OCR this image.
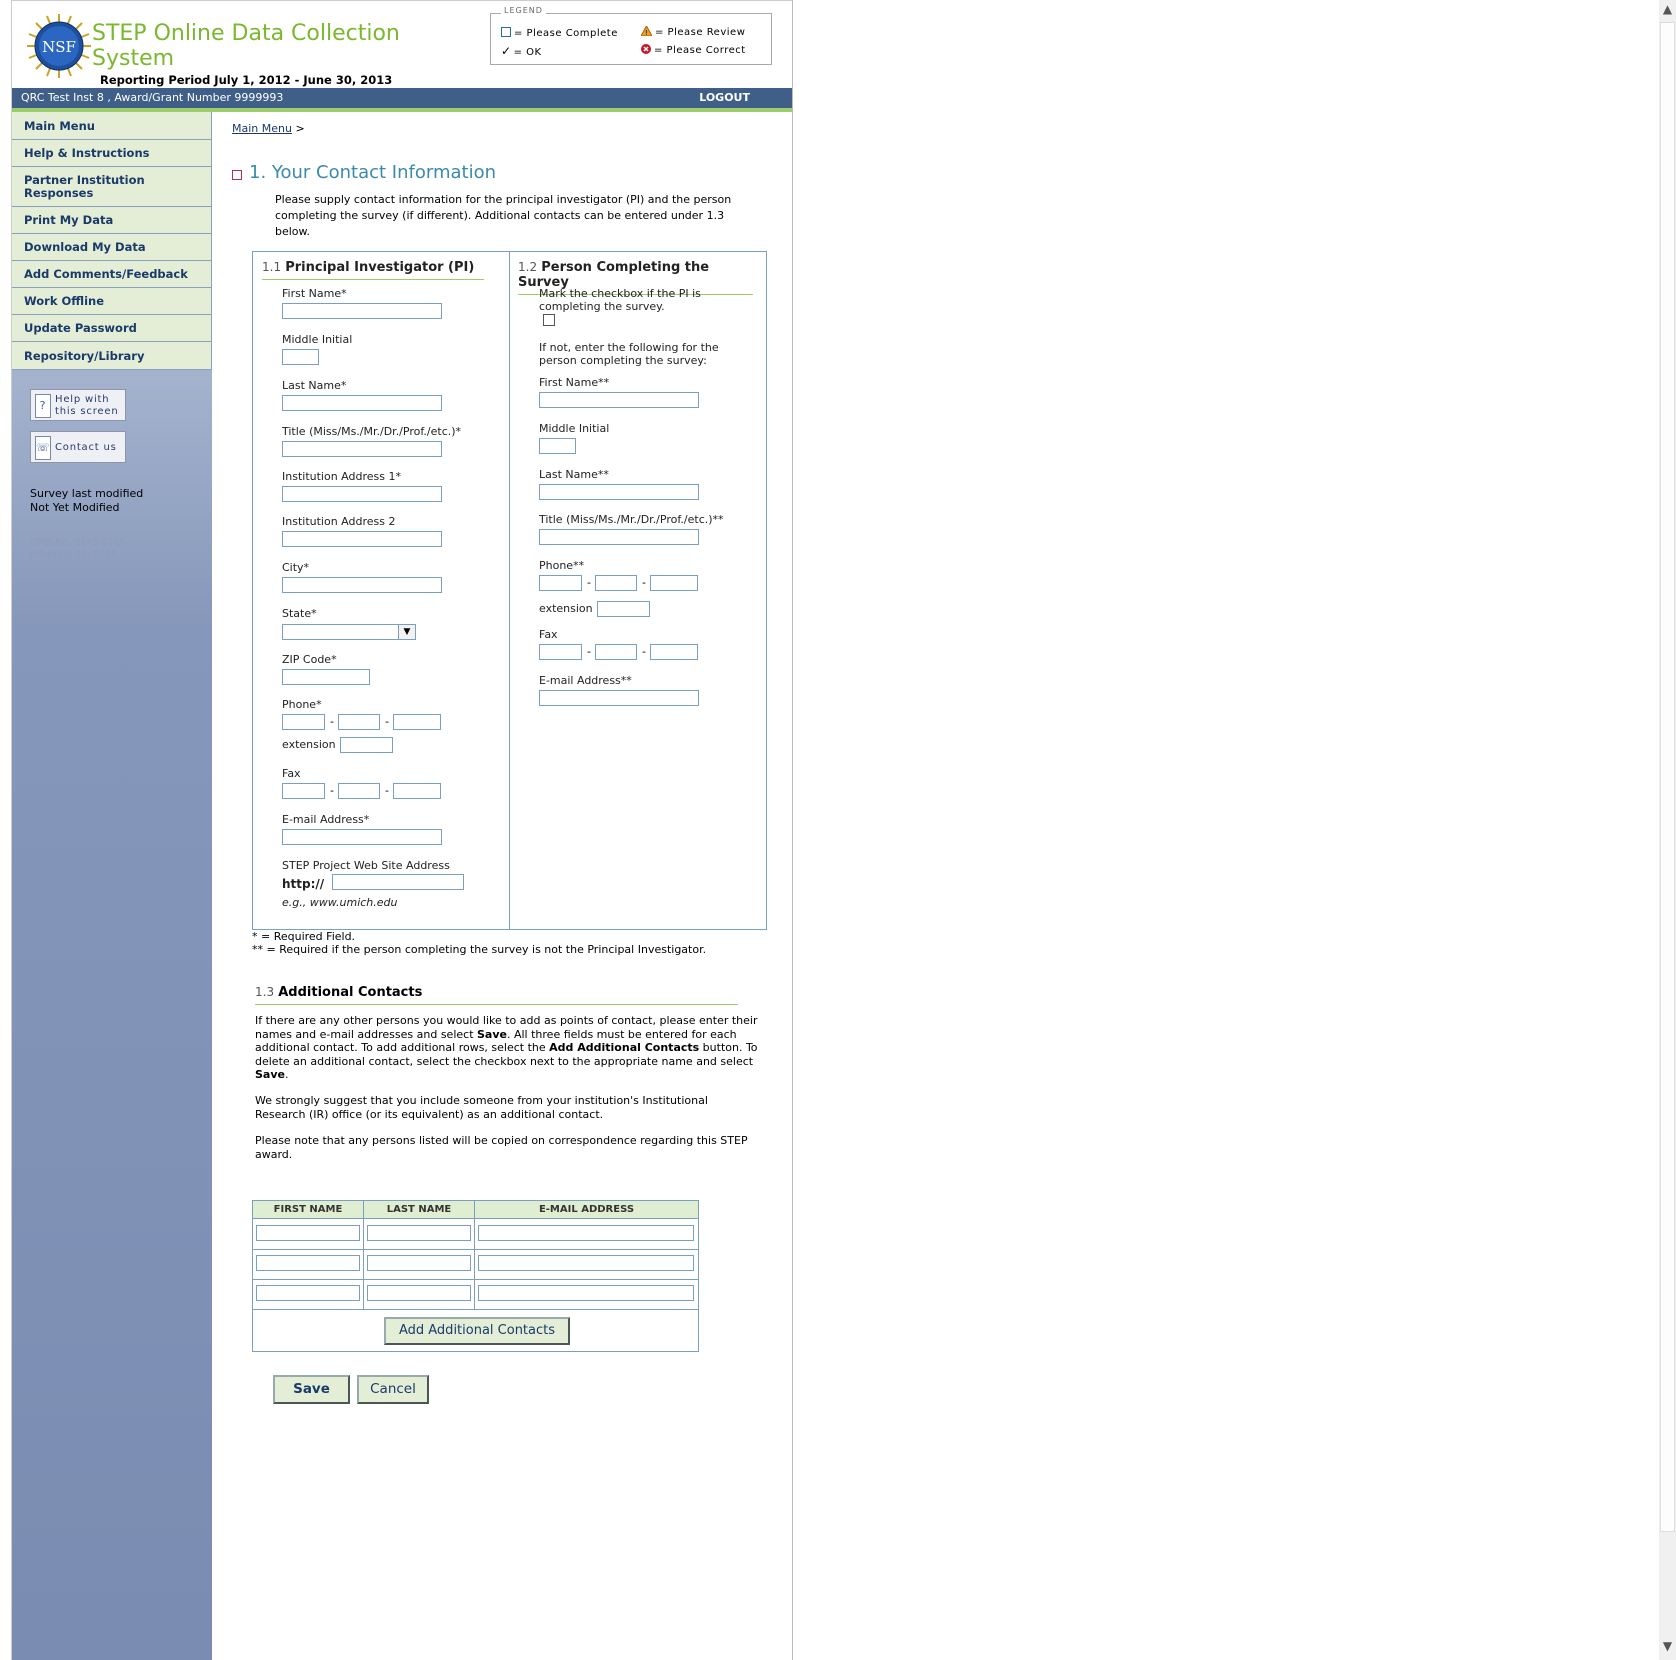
NSF
STEP Online Data Collection System
Reporting Period July 1, 2012 - June 30, 2013
LEGEND
= Please Complete	! = Please Review
✓ = OK	= Please Correct
QRC Test Inst 8 , Award/Grant Number 9999993	LOGOUT
Main Menu
Help & Instructions
Partner Institution Responses
Print My Data
Download My Data
Add Comments/Feedback
Work Offline
Update Password
Repository/Library
? Help with this screen
☏ Contact us
Survey last modified
Not Yet Modified
OMB No. 3145-0226
February 29, 2016
Main Menu >
1. Your Contact Information
Please supply contact information for the principal investigator (PI) and the person completing the survey (if different). Additional contacts can be entered under 1.3 below.
1.1 Principal Investigator (PI)
First Name*
Middle Initial
Last Name*
Title (Miss/Ms./Mr./Dr./Prof./etc.)*
Institution Address 1*
Institution Address 2
City*
State*
▼
ZIP Code*
Phone*
-	-
extension
Fax
-	-
E-mail Address*
STEP Project Web Site Address
http://
e.g., www.umich.edu
1.2 Person Completing the Survey
Mark the checkbox if the PI is completing the survey.
If not, enter the following for the person completing the survey:
First Name**
Middle Initial
Last Name**
Title (Miss/Ms./Mr./Dr./Prof./etc.)**
Phone**
-	-
extension
Fax
-	-
E-mail Address**
* = Required Field.
** = Required if the person completing the survey is not the Principal Investigator.
1.3 Additional Contacts
If there are any other persons you would like to add as points of contact, please enter their names and e-mail addresses and select Save. All three fields must be entered for each additional contact. To add additional rows, select the Add Additional Contacts button. To delete an additional contact, select the checkbox next to the appropriate name and select Save.
We strongly suggest that you include someone from your institution's Institutional Research (IR) office (or its equivalent) as an additional contact.
Please note that any persons listed will be copied on correspondence regarding this STEP award.
FIRST NAME	LAST NAME	E-MAIL ADDRESS
Add Additional Contacts
Save	Cancel
▲
▼
